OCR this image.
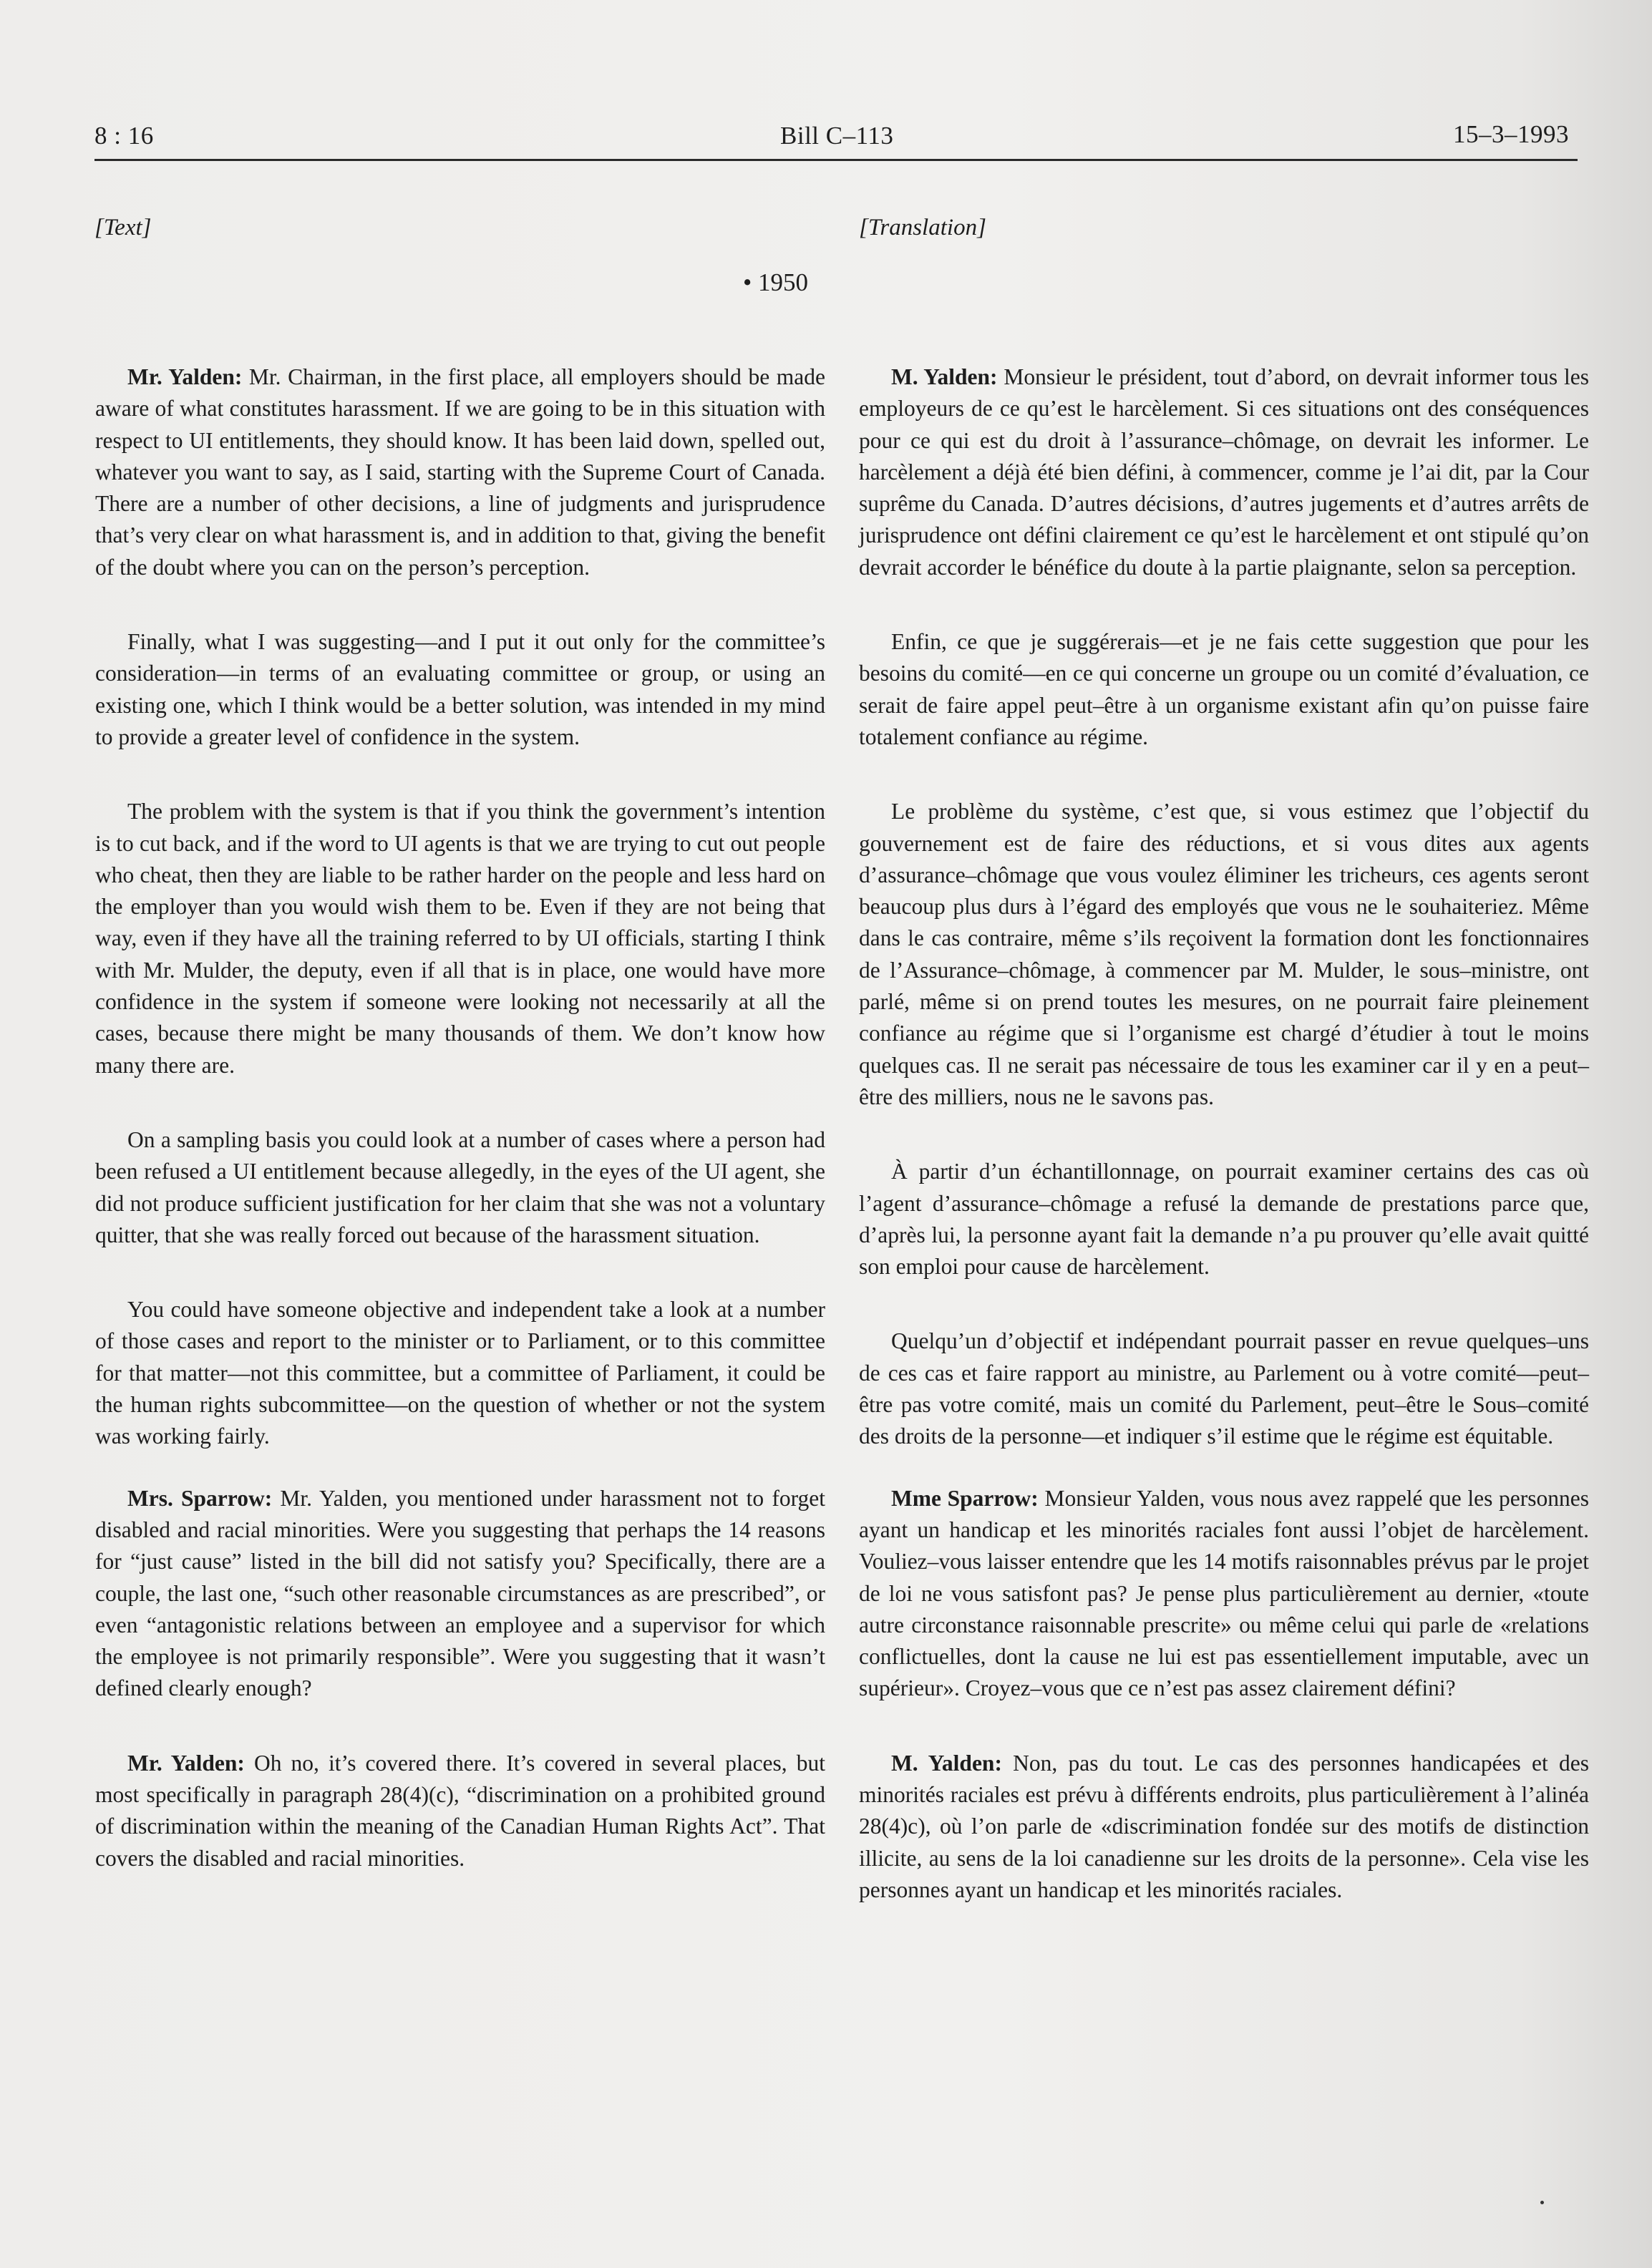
8 : 16	Bill C–113	15–3–1993
[Text]	[Translation]
• 1950

Mr. Yalden: Mr. Chairman, in the first place, all employers should be made aware of what constitutes harassment. If we are going to be in this situation with respect to UI entitlements, they should know. It has been laid down, spelled out, whatever you want to say, as I said, starting with the Supreme Court of Canada. There are a number of other decisions, a line of judgments and jurisprudence that’s very clear on what harassment is, and in addition to that, giving the benefit of the doubt where you can on the person’s perception.

Finally, what I was suggesting—and I put it out only for the committee’s consideration—in terms of an evaluating committee or group, or using an existing one, which I think would be a better solution, was intended in my mind to provide a greater level of confidence in the system.

The problem with the system is that if you think the government’s intention is to cut back, and if the word to UI agents is that we are trying to cut out people who cheat, then they are liable to be rather harder on the people and less hard on the employer than you would wish them to be. Even if they are not being that way, even if they have all the training referred to by UI officials, starting I think with Mr. Mulder, the deputy, even if all that is in place, one would have more confidence in the system if someone were looking not necessarily at all the cases, because there might be many thousands of them. We don’t know how many there are.

On a sampling basis you could look at a number of cases where a person had been refused a UI entitlement because allegedly, in the eyes of the UI agent, she did not produce sufficient justification for her claim that she was not a voluntary quitter, that she was really forced out because of the harassment situation.

You could have someone objective and independent take a look at a number of those cases and report to the minister or to Parliament, or to this committee for that matter—not this committee, but a committee of Parliament, it could be the human rights subcommittee—on the question of whether or not the system was working fairly.

Mrs. Sparrow: Mr. Yalden, you mentioned under harassment not to forget disabled and racial minorities. Were you suggesting that perhaps the 14 reasons for “just cause” listed in the bill did not satisfy you? Specifically, there are a couple, the last one, “such other reasonable circumstances as are prescribed”, or even “antagonistic relations between an employee and a supervisor for which the employee is not primarily responsible”. Were you suggesting that it wasn’t defined clearly enough?

Mr. Yalden: Oh no, it’s covered there. It’s covered in several places, but most specifically in paragraph 28(4)(c), “discrimination on a prohibited ground of discrimination within the meaning of the Canadian Human Rights Act”. That covers the disabled and racial minorities.

M. Yalden: Monsieur le président, tout d’abord, on devrait informer tous les employeurs de ce qu’est le harcèlement. Si ces situations ont des conséquences pour ce qui est du droit à l’assurance–chômage, on devrait les informer. Le harcèlement a déjà été bien défini, à commencer, comme je l’ai dit, par la Cour suprême du Canada. D’autres décisions, d’autres jugements et d’autres arrêts de jurisprudence ont défini clairement ce qu’est le harcèlement et ont stipulé qu’on devrait accorder le bénéfice du doute à la partie plaignante, selon sa perception.

Enfin, ce que je suggérerais—et je ne fais cette suggestion que pour les besoins du comité—en ce qui concerne un groupe ou un comité d’évaluation, ce serait de faire appel peut–être à un organisme existant afin qu’on puisse faire totalement confiance au régime.

Le problème du système, c’est que, si vous estimez que l’objectif du gouvernement est de faire des réductions, et si vous dites aux agents d’assurance–chômage que vous voulez éliminer les tricheurs, ces agents seront beaucoup plus durs à l’égard des employés que vous ne le souhaiteriez. Même dans le cas contraire, même s’ils reçoivent la formation dont les fonctionnaires de l’Assurance–chômage, à commencer par M. Mulder, le sous–ministre, ont parlé, même si on prend toutes les mesures, on ne pourrait faire pleinement confiance au régime que si l’organisme est chargé d’étudier à tout le moins quelques cas. Il ne serait pas nécessaire de tous les examiner car il y en a peut–être des milliers, nous ne le savons pas.

À partir d’un échantillonnage, on pourrait examiner certains des cas où l’agent d’assurance–chômage a refusé la demande de prestations parce que, d’après lui, la personne ayant fait la demande n’a pu prouver qu’elle avait quitté son emploi pour cause de harcèlement.

Quelqu’un d’objectif et indépendant pourrait passer en revue quelques–uns de ces cas et faire rapport au ministre, au Parlement ou à votre comité—peut–être pas votre comité, mais un comité du Parlement, peut–être le Sous–comité des droits de la personne—et indiquer s’il estime que le régime est équitable.

Mme Sparrow: Monsieur Yalden, vous nous avez rappelé que les personnes ayant un handicap et les minorités raciales font aussi l’objet de harcèlement. Vouliez–vous laisser entendre que les 14 motifs raisonnables prévus par le projet de loi ne vous satisfont pas? Je pense plus particulièrement au dernier, «toute autre circonstance raisonnable prescrite» ou même celui qui parle de «relations conflictuelles, dont la cause ne lui est pas essentiellement imputable, avec un supérieur». Croyez–vous que ce n’est pas assez clairement défini?

M. Yalden: Non, pas du tout. Le cas des personnes handicapées et des minorités raciales est prévu à différents endroits, plus particulièrement à l’alinéa 28(4)c), où l’on parle de «discrimination fondée sur des motifs de distinction illicite, au sens de la loi canadienne sur les droits de la personne». Cela vise les personnes ayant un handicap et les minorités raciales.
